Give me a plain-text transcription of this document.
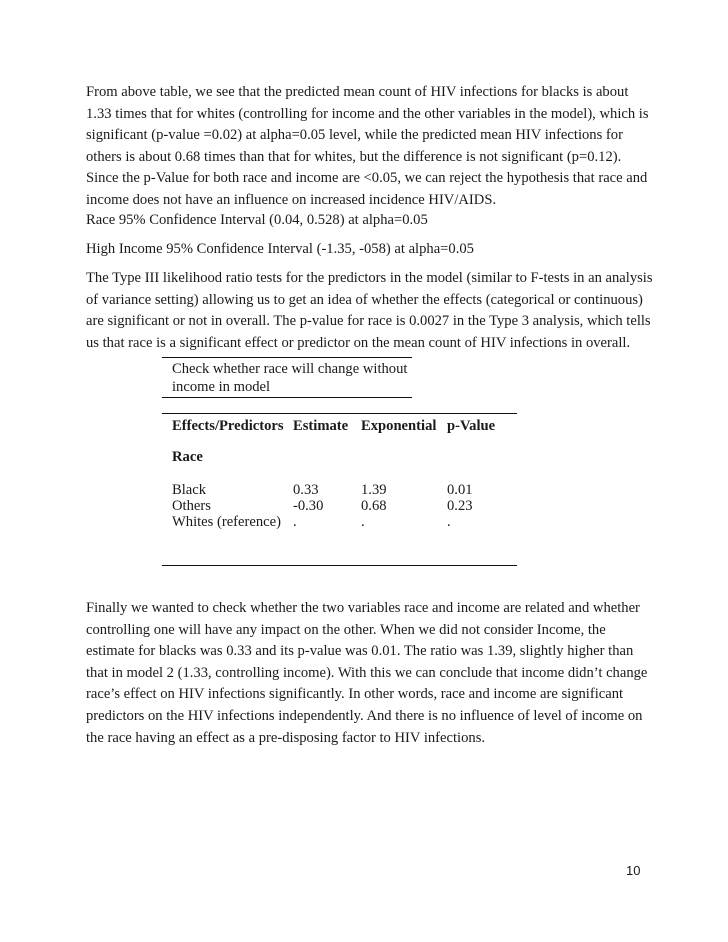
From above table, we see that the predicted mean count of HIV infections for blacks is about 1.33 times that for whites (controlling for income and the other variables in the model), which is significant (p-value =0.02) at alpha=0.05 level, while the predicted mean HIV infections for others is about 0.68 times than that for whites, but the difference is not significant (p=0.12). Since the p-Value for both race and income are <0.05, we can reject the hypothesis that race and income does not have an influence on increased incidence HIV/AIDS.

Race 95% Confidence Interval (0.04, 0.528) at alpha=0.05

High Income 95% Confidence Interval (-1.35, -058) at alpha=0.05

The Type III likelihood ratio tests for the predictors in the model (similar to F-tests in an analysis of variance setting) allowing us to get an idea of whether the effects (categorical or continuous) are significant or not in overall. The p-value for race is 0.0027 in the Type 3 analysis, which tells us that race is a significant effect or predictor on the mean count of HIV infections in overall.

Check whether race will change without
income in model
Effects/Predictors Estimate Exponential p-Value
Race
Black	0.33	1.39	0.01
Others	-0.30	0.68	0.23
Whites (reference) .	.	.

Finally we wanted to check whether the two variables race and income are related and whether controlling one will have any impact on the other. When we did not consider Income, the estimate for blacks was 0.33 and its p-value was 0.01. The ratio was 1.39, slightly higher than that in model 2 (1.33, controlling income). With this we can conclude that income didn’t change race’s effect on HIV infections significantly. In other words, race and income are significant predictors on the HIV infections independently. And there is no influence of level of income on the race having an effect as a pre-disposing factor to HIV infections.

10
